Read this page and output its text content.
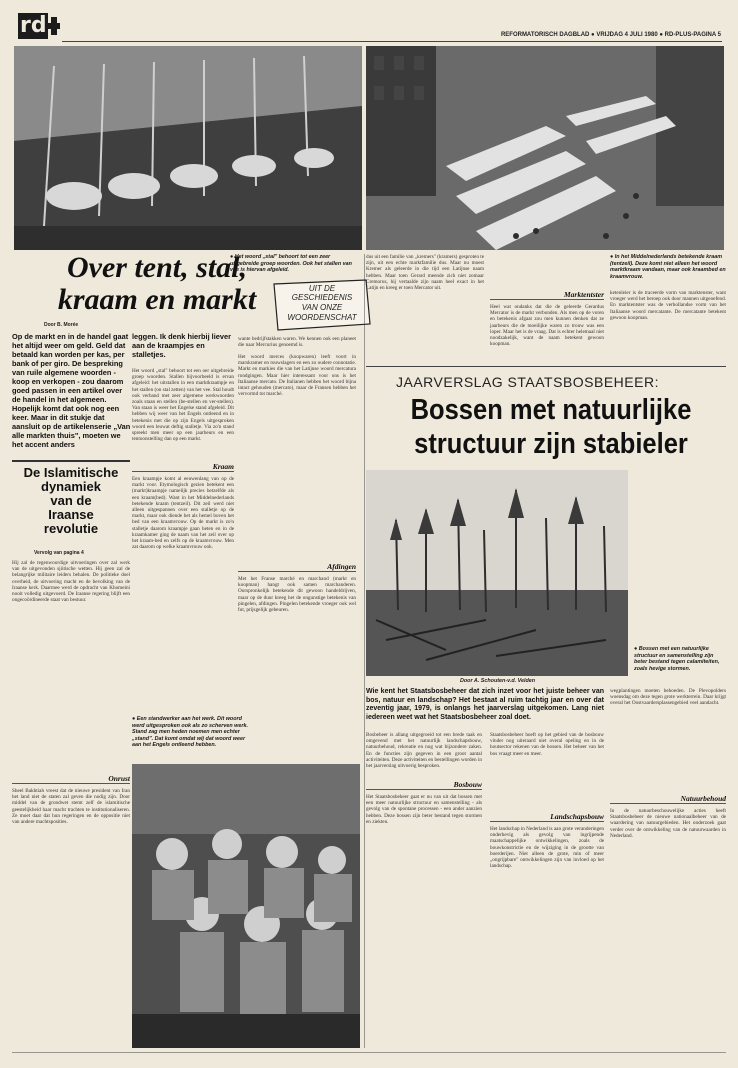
rd	REFORMATORISCH DAGBLAD ● VRIJDAG 4 JULI 1980 ● RD-PLUS-PAGINA 5
Over tent, stal, kraam en markt
● Het woord „stal" behoort tot een zeer uitgebreide groep woorden. Ook het stallen van vee is hiervan afgeleid.
Door B. Morée
Op de markt en in de handel gaat het altijd weer om geld. Geld dat betaald kan worden per kas, per bank of per giro. De bespreking van ruile algemene woorden - koop en verkopen - zou daarom goed passen in een artikel over de handel in het algemeen. Hopelijk komt dat ook nog een keer. Maar in dit stukje dat aansluit op de artikelenserie „Van alle markten thuis", moeten we het accent anders
leggen. Ik denk hierbij liever aan de kraampjes en stalletjes.
Het woord „stal" behoort tot een oer uitgebreide groep woorden. Stallen bijvoorbeeld is ervan afgeleid: het uitstallen in een marktkraampje en het stallen (on stal zetten) van het vee. Stal houdt ook verband met zeer algemene werkwoorden zoals staan en stellen (be-stellen en ver-stellen). Van staan is weer het Engelse stand afgeleid. Dit hebben wij weer van het Engels ontleend en in betekenis met die op zijn Engels uitgesproken woord een leuwat deftig stalletje. Via zo'n stand spreekt men meer op een jaarbeurs en een tentoonstelling dan op een markt.
Kraam
Een kraampje komt al eeuwenlang van op de markt voor. Etymologisch gezien betekent een (markt)kraampje namelijk precies hetzelfde als een kraam(bed). Want in het Middelnederlands betekende kraam (tentzeil). Dit zeil werd niet alleen uitgespannen over een stalletje op de markt, maar ook diende het als hemel boven het bed van een kraamvrouw. Op de markt is zo'n stalletje daarom kraampje gaan heten en in de kraamkamer ging de naam van het zeil over op het kraam-bed en zelfs op de kraamvrouw. Men zat daarom op welke kraamvrouw ook.
UIT DE
GESCHIEDENIS
VAN ONZE
WOORDENSCHAT
wante bedrijfstakken waren. We kennen ook een planeet die naar Mercurius genoemd is.
Het woord merces (koopwaren) leeft voort in marskramer en touwslagers en een zo oudere connotatie. Markt en markies die van het Latijnse woord mercatura rondgingen. Maar hier interessant voor ons is het Italiaanse mercato. De Italianen hebben het woord bijna intact gehouden (mercato), maar de Fransen hebben het vervormd tot marché.
Afdingen
Met het Franse marché en marchand (markt en koopman) hangt ook samen marchanderen. Oorspronkelijk betekende dit gewoon handeldrijven, maar op de duur kreeg het de ongunstige betekenis van pingelen, afdingen. Pingelen betekende vroeger ook wel fut, prijsgelijk gebeuren.
dus uit een familie van „kremers" (kramers) gesproten te zijn, uit een echte marktfamilie dus. Maar nu moest Kremer als geleerde in die tijd een Latijnse naam hebben. Maar toen Gerard meende zich niet zomaar Cremorus, hij vertaalde zijn naam heel exact in het Latijn en kreeg er toen Mercator uit.
Marktentster
Heel wat ondanks dat die de geleerde Gerardus Mercator is de markt verbonden. Als men op de voren en betekenis afgaat zou men kunnen denken dat ze jaarbeurs die de moeilijke waren zo trouw was een loper. Maar het is de vraag. Dat is echter helemaal niet noodzakelijk, want de naam betekent gewoon koopman.
● In het Middelnederlands betekende kraam (tentzeil). Deze komt niet alleen het woord marktkraam vandaan, maar ook kraambed en kraamvrouw.
ketenleier is de traceerde vorm van marktenster, want vroeger werd het beroep ook door mannen uitgeoefend. En marktentster was de verhollandse vorm van het Italiaanse woord mercatante. De mercatante betekent gewoon koopman.
De Islamitische
dynamiek
van de
Iraanse
revolutie
Vervolg van pagina 4
Hij zal de tegenwoordige uitvoeringen over zal werk van de uitgevonden sjiitische wetten. Hij geen zal de belangrijke militaire leiders behalen. De politieke doel overheid, de uitvoering macht en de bevolking van de Iraanse kerk. Daarmee werd de opdracht van Khomeini nooit volledig uitgevoerd. De Iraanse regering blijft een ongecoördineerde staat van bestuur.
Onrust
Sheel Bakhtiah vreest dat de nieuwe president van Iran het land niet de staten zal geven die nodig zijn. Door middel van de grondwet stemt zelf de islamitische geestelijkheid haar macht trachten te institutionaliseren. Ze moet daar dat hun regeringen en de oppositie niet van andere machtsposities.
● Een standwerker aan het werk. Dit woord werd uitgesproken ook als zo scherven werk. Stand zag men heden noemen men echter „stand". Dat komt omdat wij dat woord weer aan het Engels ontleend hebben.
JAARVERSLAG STAATSBOSBEHEER:
Bossen met natuurlijke
structuur zijn stabieler
● Bossen met een natuurlijke structuur en samenstelling zijn beter bestand tegen calamiteiten, zoals hevige stormen.
Door A. Schouten-v.d. Velden
Wie kent het Staatsbosbeheer dat zich inzet voor het juiste beheer van bos, natuur en landschap? Het bestaat al ruim tachtig jaar en over dat zeventig jaar, 1979, is onlangs het jaarverslag uitgekomen. Lang niet iedereen weet wat het Staatsbosbeheer zoal doet.
Bosbeheer is allang uitgegroeid tot een brede taak en omgevend met het natuurlijk landschapsbouw, natuurbehoud, rekreatie en nog wat bijzondere zaken. En de functies zijn gegeven in een groot aantal activiteiten. Deze activiteiten en bestellingen worden in het jaarverslag uitvoerig besproken.
Bosbouw
Het Staatsbosbeheer gaat er nu van uit dat bossen met een meer natuurlijke structuur en samenstelling - als gevolg van de spontane processen - een ander aanzien hebben. Deze bossen zijn beter bestand tegen stormen en ziekten.
Staatsbosbeheer hoeft op het gebied van de bosbouw vinder nog uiteraard niet overal opeling en in de houtsector rekenen van de bossen. Het beheer van het bos vraagt meer en meer.
Landschapsbouw
Het landschap in Nederland is aan grote veranderingen onderhevig als gevolg van ingrijpende maatschappelijke ontwikkelingen, zoals de bouwkonstrictie en de wijziging in de grootte van boerderijen. Niet alleen de grote, min of meer „ongrijpbare" ontwikkelingen zijn van invloed op het landschap.
wegplantingen moeten behoeden. De Plevopolders woensdag om deze tegen grote werkterrein. Daar krijgt overal het Oostvaardersplassengebied veel aandacht.
Natuurbehoud
In de natuurbeschouwelijke acties heeft Staatsbosbeheer de nieuwe nationaalbeheer van de waardering van natuurgebieden. Het onderzoek gaat verder over de ontwikkeling van de natuurwaarden in Nederland.
